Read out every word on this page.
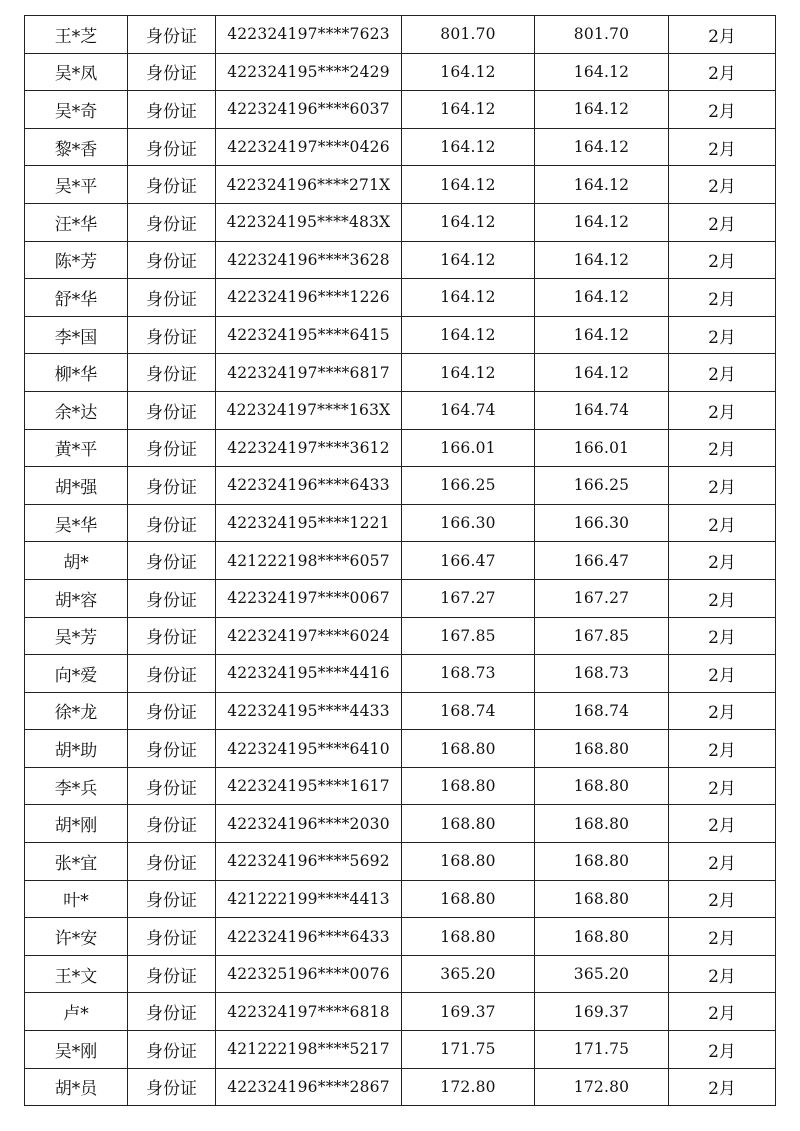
王*芝	身份证	422324197****7623	801.70	801.70	2月
吴*凤	身份证	422324195****2429	164.12	164.12	2月
吴*奇	身份证	422324196****6037	164.12	164.12	2月
黎*香	身份证	422324197****0426	164.12	164.12	2月
吴*平	身份证	422324196****271X	164.12	164.12	2月
汪*华	身份证	422324195****483X	164.12	164.12	2月
陈*芳	身份证	422324196****3628	164.12	164.12	2月
舒*华	身份证	422324196****1226	164.12	164.12	2月
李*国	身份证	422324195****6415	164.12	164.12	2月
柳*华	身份证	422324197****6817	164.12	164.12	2月
余*达	身份证	422324197****163X	164.74	164.74	2月
黄*平	身份证	422324197****3612	166.01	166.01	2月
胡*强	身份证	422324196****6433	166.25	166.25	2月
吴*华	身份证	422324195****1221	166.30	166.30	2月
胡*	身份证	421222198****6057	166.47	166.47	2月
胡*容	身份证	422324197****0067	167.27	167.27	2月
吴*芳	身份证	422324197****6024	167.85	167.85	2月
向*爱	身份证	422324195****4416	168.73	168.73	2月
徐*龙	身份证	422324195****4433	168.74	168.74	2月
胡*助	身份证	422324195****6410	168.80	168.80	2月
李*兵	身份证	422324195****1617	168.80	168.80	2月
胡*刚	身份证	422324196****2030	168.80	168.80	2月
张*宜	身份证	422324196****5692	168.80	168.80	2月
叶*	身份证	421222199****4413	168.80	168.80	2月
许*安	身份证	422324196****6433	168.80	168.80	2月
王*文	身份证	422325196****0076	365.20	365.20	2月
卢*	身份证	422324197****6818	169.37	169.37	2月
吴*刚	身份证	421222198****5217	171.75	171.75	2月
胡*员	身份证	422324196****2867	172.80	172.80	2月
